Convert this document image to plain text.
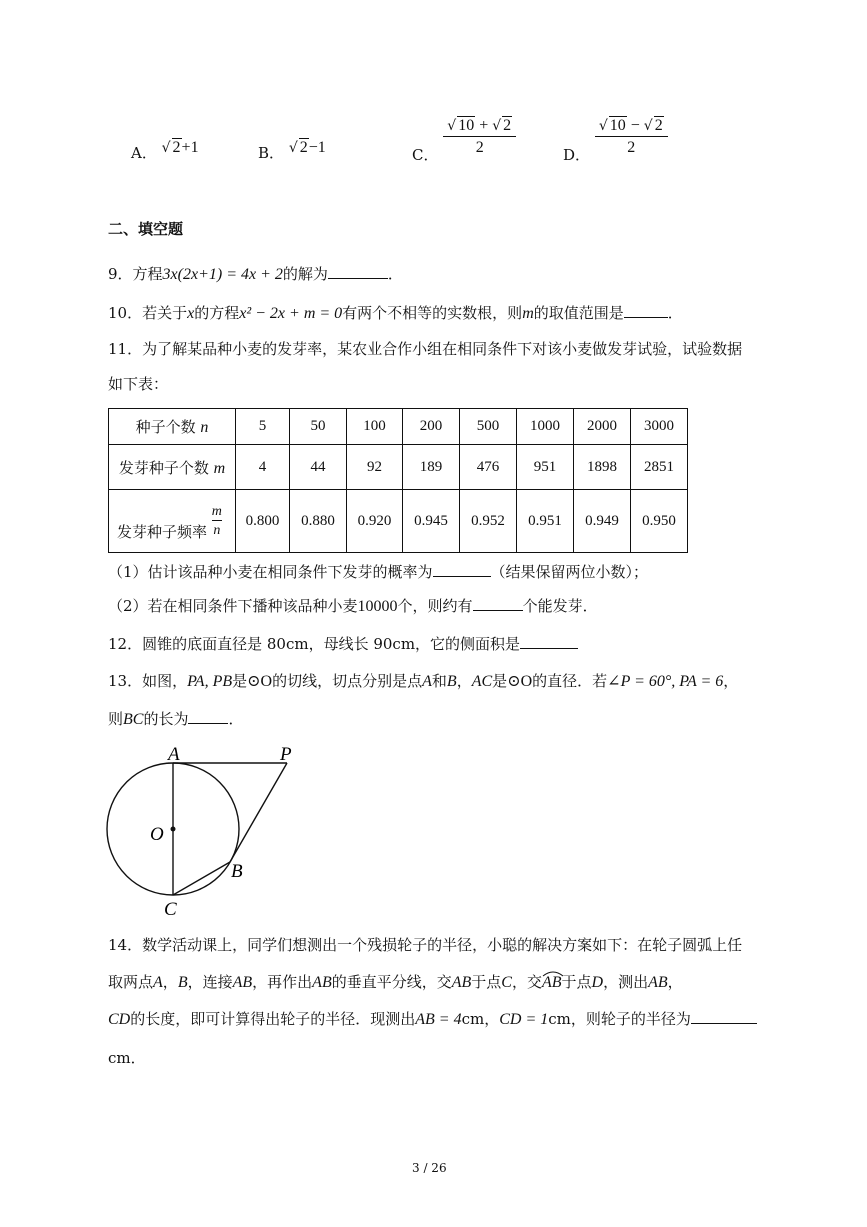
A． √ 2+1	B． √ 2−1	C． $\frac{√ 10 + √ 2}{2}$	D． $\frac{√ 10 - √ 2}{2}$
二、填空题
9．方程3x(2x+1) = 4x + 2的解为	．
10．若关于x的方程x² − 2x + m = 0有两个不相等的实数根，则m的取值范围是	．
11．为了解某品种小麦的发芽率，某农业合作小组在相同条件下对该小麦做发芽试验，试验数据
如下表：
种子个数 n	5	50	100	200	500	1000	2000	3000
发芽种子个数 m	4	44	92	189	476	951	1898	2851
发芽种子频率 $\frac{m}{n}$	0.800	0.880	0.920	0.945	0.952	0.951	0.949	0.950
（1）估计该品种小麦在相同条件下发芽的概率为	（结果保留两位小数）；
（2）若在相同条件下播种该品种小麦10000个，则约有	个能发芽．
12．圆锥的底面直径是 80cm，母线长 90cm，它的侧面积是
13．如图，PA, PB是⊙O的切线，切点分别是点A和B，AC是⊙O的直径．若∠P = 60°, PA = 6，
则BC的长为	．
A	P
O
B
C
14．数学活动课上，同学们想测出一个残损轮子的半径，小聪的解决方案如下：在轮子圆弧上任
取两点A，B，连接AB，再作出AB的垂直平分线，交AB于点C，交
AB于点D，测出AB，
CD的长度，即可计算得出轮子的半径．现测出AB = 4cm，CD = 1cm，则轮子的半径为
cm．
3 / 26
